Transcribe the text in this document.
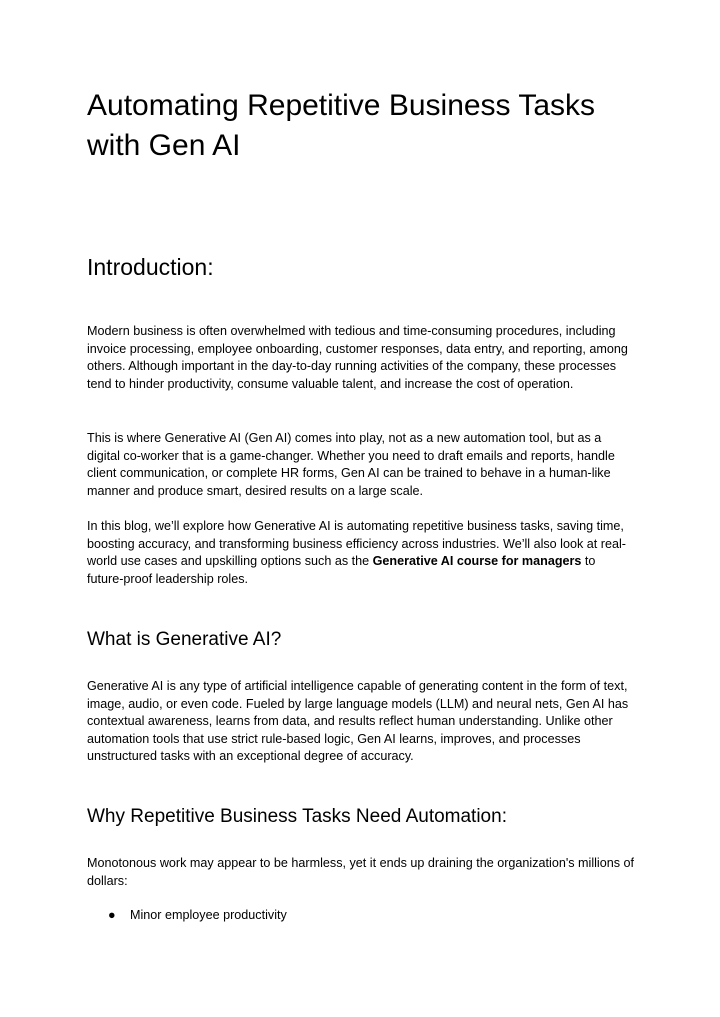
Automating Repetitive Business Tasks with Gen AI
Introduction:

Modern business is often overwhelmed with tedious and time-consuming procedures, including invoice processing, employee onboarding, customer responses, data entry, and reporting, among others. Although important in the day-to-day running activities of the company, these processes tend to hinder productivity, consume valuable talent, and increase the cost of operation.

This is where Generative AI (Gen AI) comes into play, not as a new automation tool, but as a digital co-worker that is a game-changer. Whether you need to draft emails and reports, handle client communication, or complete HR forms, Gen AI can be trained to behave in a human-like manner and produce smart, desired results on a large scale.

In this blog, we’ll explore how Generative AI is automating repetitive business tasks, saving time, boosting accuracy, and transforming business efficiency across industries. We’ll also look at real-world use cases and upskilling options such as the Generative AI course for managers to future-proof leadership roles.

What is Generative AI?

Generative AI is any type of artificial intelligence capable of generating content in the form of text, image, audio, or even code. Fueled by large language models (LLM) and neural nets, Gen AI has contextual awareness, learns from data, and results reflect human understanding. Unlike other automation tools that use strict rule-based logic, Gen AI learns, improves, and processes unstructured tasks with an exceptional degree of accuracy.

Why Repetitive Business Tasks Need Automation:

Monotonous work may appear to be harmless, yet it ends up draining the organization's millions of dollars:

● Minor employee productivity
